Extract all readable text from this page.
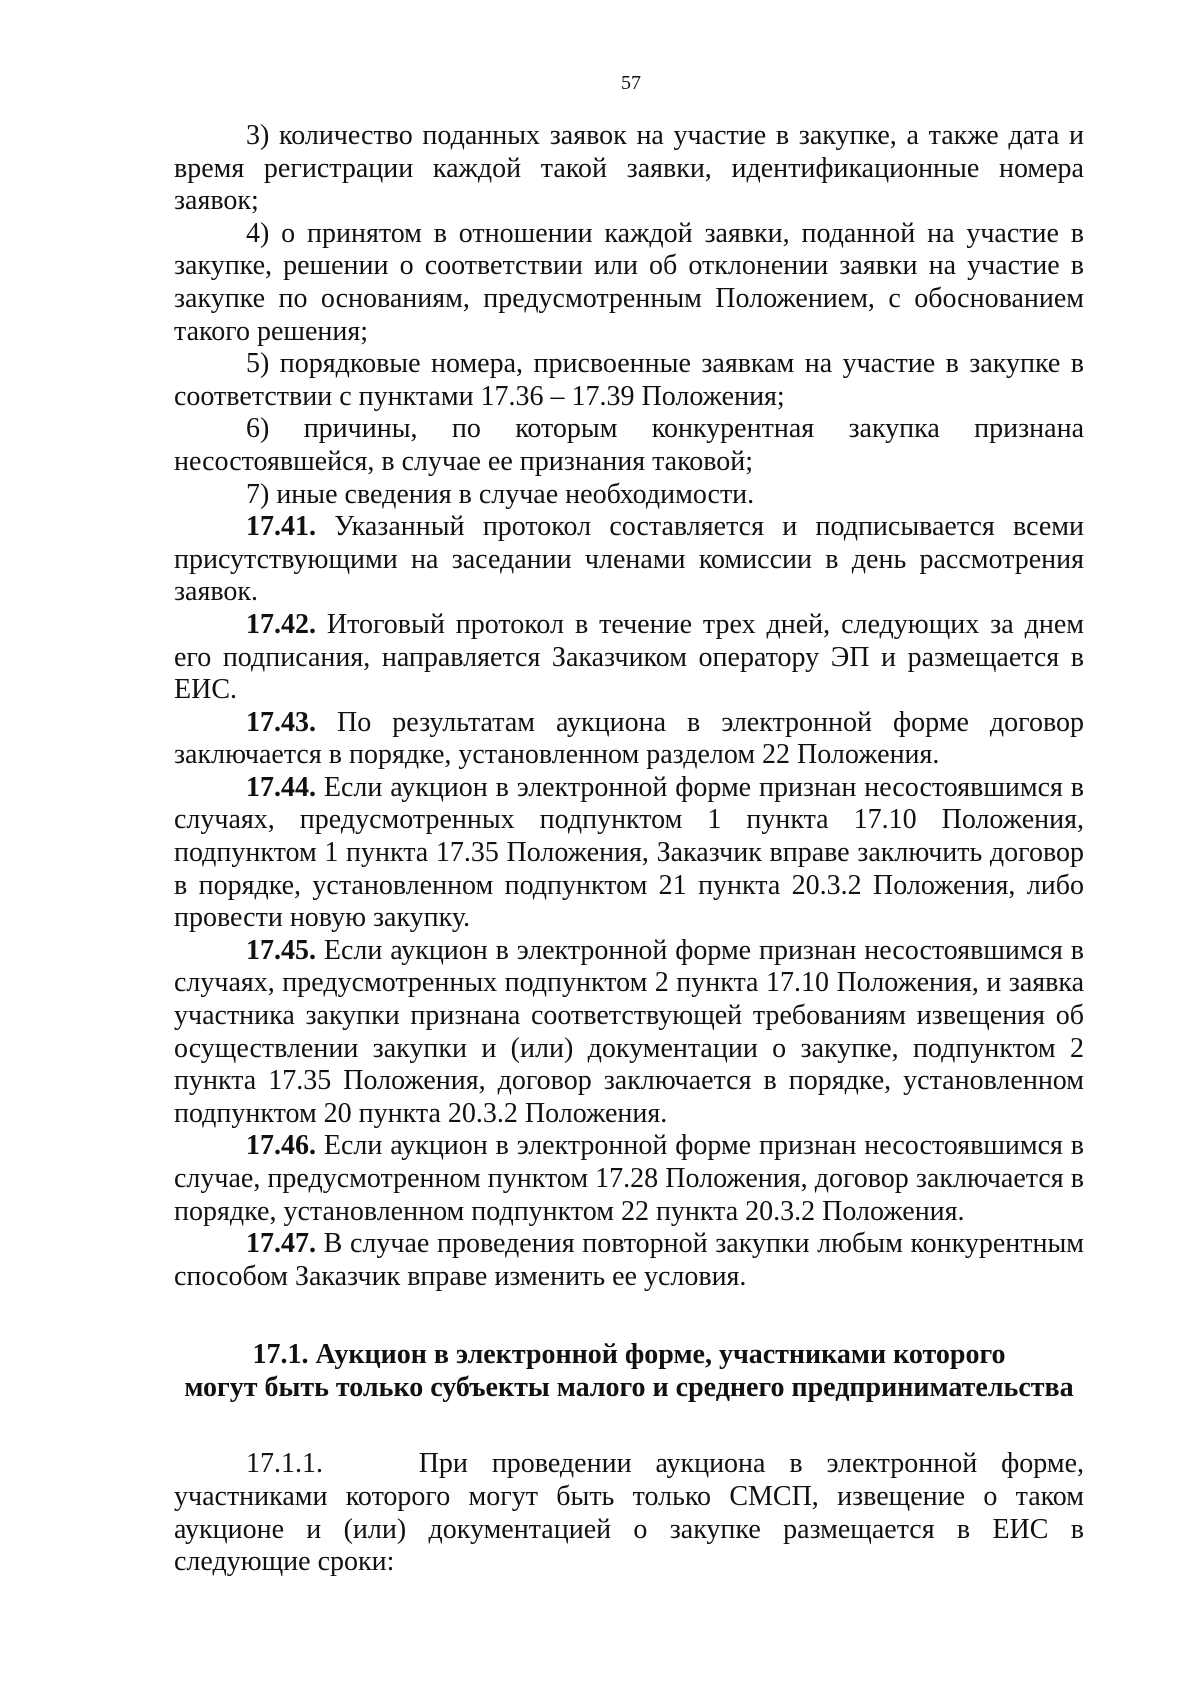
57

3) количество поданных заявок на участие в закупке, а также дата и время регистрации каждой такой заявки, идентификационные номера заявок;

4) о принятом в отношении каждой заявки, поданной на участие в закупке, решении о соответствии или об отклонении заявки на участие в закупке по основаниям, предусмотренным Положением, с обоснованием такого решения;

5) порядковые номера, присвоенные заявкам на участие в закупке в соответствии с пунктами 17.36 – 17.39 Положения;

6) причины, по которым конкурентная закупка признана несостоявшейся, в случае ее признания таковой;

7) иные сведения в случае необходимости.

17.41. Указанный протокол составляется и подписывается всеми присутствующими на заседании членами комиссии в день рассмотрения заявок.

17.42. Итоговый протокол в течение трех дней, следующих за днем его подписания, направляется Заказчиком оператору ЭП и размещается в ЕИС.

17.43. По результатам аукциона в электронной форме договор заключается в порядке, установленном разделом 22 Положения.

17.44. Если аукцион в электронной форме признан несостоявшимся в случаях, предусмотренных подпунктом 1 пункта 17.10 Положения, подпунктом 1 пункта 17.35 Положения, Заказчик вправе заключить договор в порядке, установленном подпунктом 21 пункта 20.3.2 Положения, либо провести новую закупку.

17.45. Если аукцион в электронной форме признан несостоявшимся в случаях, предусмотренных подпунктом 2 пункта 17.10 Положения, и заявка участника закупки признана соответствующей требованиям извещения об осуществлении закупки и (или) документации о закупке, подпунктом 2 пункта 17.35 Положения, договор заключается в порядке, установленном подпунктом 20 пункта 20.3.2 Положения.

17.46. Если аукцион в электронной форме признан несостоявшимся в случае, предусмотренном пунктом 17.28 Положения, договор заключается в порядке, установленном подпунктом 22 пункта 20.3.2 Положения.

17.47. В случае проведения повторной закупки любым конкурентным способом Заказчик вправе изменить ее условия.

17.1. Аукцион в электронной форме, участниками которого
могут быть только субъекты малого и среднего предпринимательства

17.1.1.    При проведении аукциона в электронной форме, участниками которого могут быть только СМСП, извещение о таком аукционе и (или) документацией о закупке размещается в ЕИС в следующие сроки:
